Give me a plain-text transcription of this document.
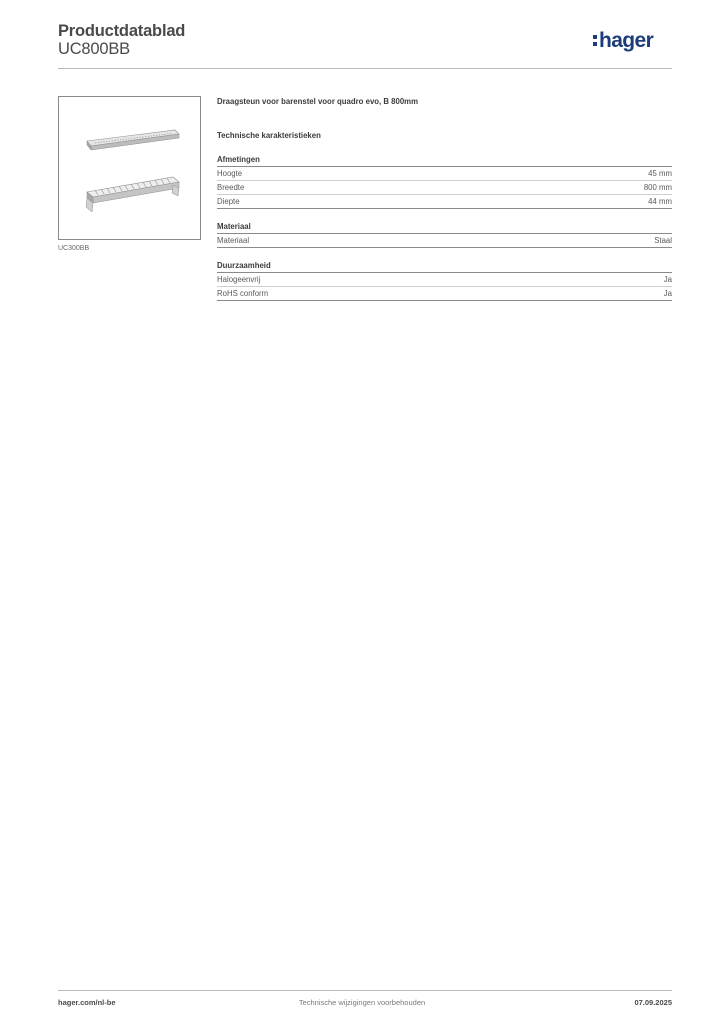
Productdatablad
UC800BB	hager
UC300BB
Draagsteun voor barenstel voor quadro evo, B 800mm
Technische karakteristieken
Afmetingen
Hoogte	45 mm
Breedte	800 mm
Diepte	44 mm
Materiaal
Materiaal	Staal
Duurzaamheid
Halogeenvrij	Ja
RoHS conform	Ja
hager.com/nl-be	Technische wijzigingen voorbehouden	07.09.2025
